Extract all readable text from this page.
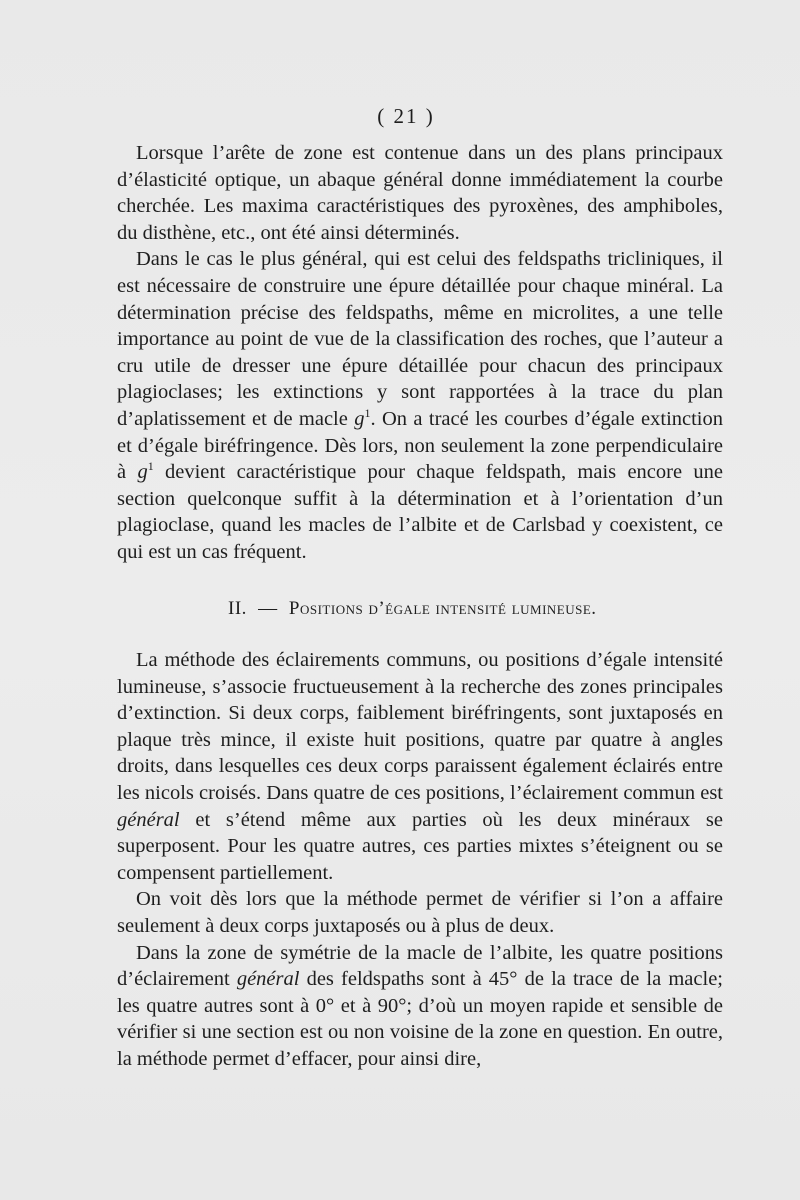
( 21 )

Lorsque l’arête de zone est contenue dans un des plans principaux d’élasticité optique, un abaque général donne immédiatement la courbe cherchée. Les maxima caractéristiques des pyroxènes, des amphiboles, du disthène, etc., ont été ainsi déterminés.

Dans le cas le plus général, qui est celui des feldspaths tricliniques, il est nécessaire de construire une épure détaillée pour chaque minéral. La détermination précise des feldspaths, même en microlites, a une telle importance au point de vue de la classification des roches, que l’auteur a cru utile de dresser une épure détaillée pour chacun des principaux plagioclases; les extinctions y sont rapportées à la trace du plan d’aplatissement et de macle $g^1$. On a tracé les courbes d’égale extinction et d’égale biréfringence. Dès lors, non seulement la zone perpendiculaire à $g^1$ devient caractéristique pour chaque feldspath, mais encore une section quelconque suffit à la détermination et à l’orientation d’un plagioclase, quand les macles de l’albite et de Carlsbad y coexistent, ce qui est un cas fréquent.

II. — Positions d’égale intensité lumineuse.

La méthode des éclairements communs, ou positions d’égale intensité lumineuse, s’associe fructueusement à la recherche des zones principales d’extinction. Si deux corps, faiblement biréfringents, sont juxtaposés en plaque très mince, il existe huit positions, quatre par quatre à angles droits, dans lesquelles ces deux corps paraissent également éclairés entre les nicols croisés. Dans quatre de ces positions, l’éclairement commun est général et s’étend même aux parties où les deux minéraux se superposent. Pour les quatre autres, ces parties mixtes s’éteignent ou se compensent partiellement.

On voit dès lors que la méthode permet de vérifier si l’on a affaire seulement à deux corps juxtaposés ou à plus de deux.

Dans la zone de symétrie de la macle de l’albite, les quatre positions d’éclairement général des feldspaths sont à 45° de la trace de la macle; les quatre autres sont à 0° et à 90°; d’où un moyen rapide et sensible de vérifier si une section est ou non voisine de la zone en question. En outre, la méthode permet d’effacer, pour ainsi dire,
